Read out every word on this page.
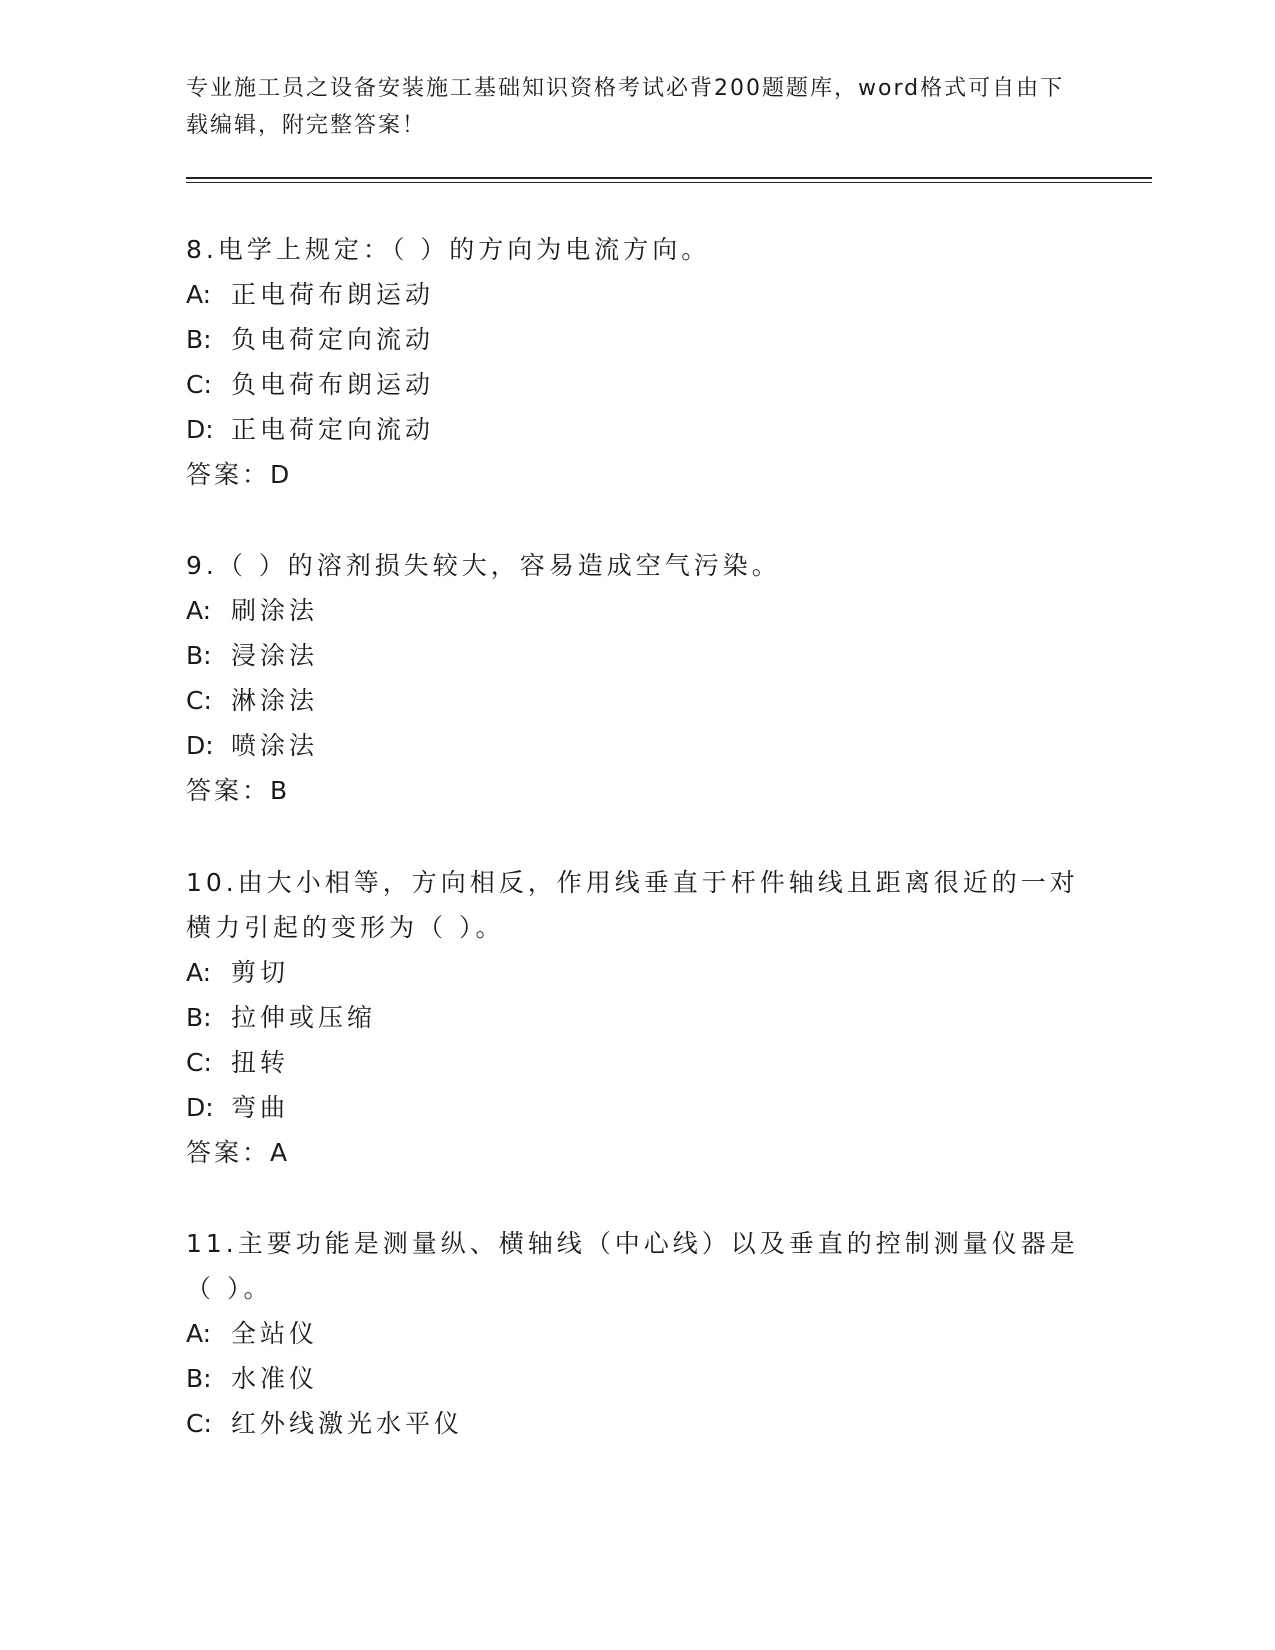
专业施工员之设备安装施工基础知识资格考试必背200题题库，word格式可自由下载编辑，附完整答案！

8.电学上规定：（ ）的方向为电流方向。

A: 正电荷布朗运动

B: 负电荷定向流动

C: 负电荷布朗运动

D: 正电荷定向流动

答案：D

9.（ ）的溶剂损失较大，容易造成空气污染。

A: 刷涂法

B: 浸涂法

C: 淋涂法

D: 喷涂法

答案：B

10.由大小相等，方向相反，作用线垂直于杆件轴线且距离很近的一对横力引起的变形为（ ）。

A: 剪切

B: 拉伸或压缩

C: 扭转

D: 弯曲

答案：A

11.主要功能是测量纵、横轴线（中心线）以及垂直的控制测量仪器是（ ）。

A: 全站仪

B: 水准仪

C: 红外线激光水平仪
